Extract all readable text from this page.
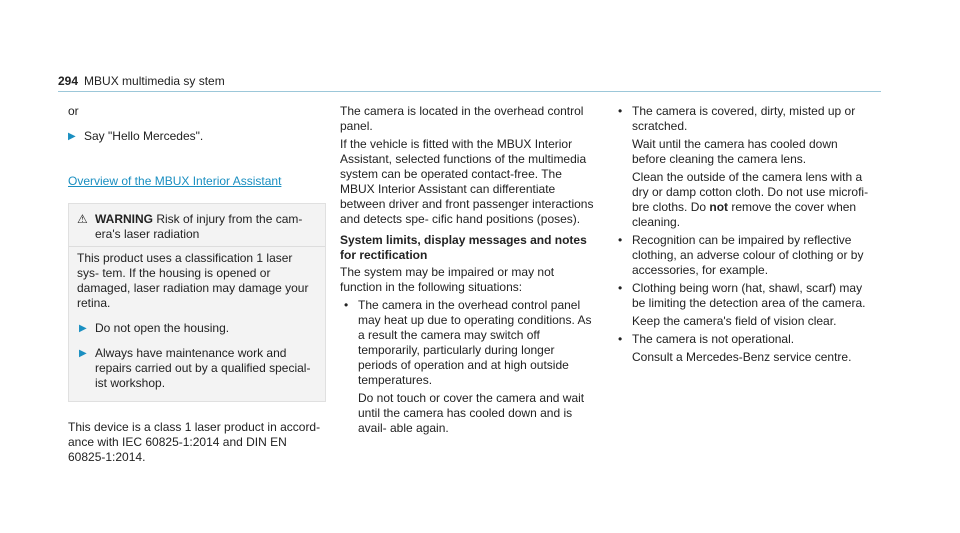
294 MBUX multimedia sy stem

or

▶ Say "Hello Mercedes".
Overview of the MBUX Interior Assistant
⚠ WARNING Risk of injury from the cam- era's laser radiation

This product uses a classification 1 laser sys- tem. If the housing is opened or damaged, laser radiation may damage your retina.

▶ Do not open the housing.
▶ Always have maintenance work and repairs carried out by a qualified special- ist workshop.

This device is a class 1 laser product in accord- ance with IEC 60825-1:2014 and DIN EN 60825-1:2014.

The camera is located in the overhead control panel.

If the vehicle is fitted with the MBUX Interior Assistant, selected functions of the multimedia system can be operated contact-free. The MBUX Interior Assistant can differentiate between driver and front passenger interactions and detects spe- cific hand positions (poses).

System limits, display messages and notes for rectification

The system may be impaired or may not function in the following situations:

• The camera in the overhead control panel may heat up due to operating conditions. As a result the camera may switch off temporarily, particularly during longer periods of operation and at high outside temperatures.

Do not touch or cover the camera and wait until the camera has cooled down and is avail- able again.

• The camera is covered, dirty, misted up or scratched.

Wait until the camera has cooled down before cleaning the camera lens.

Clean the outside of the camera lens with a dry or damp cotton cloth. Do not use microfi- bre cloths. Do not remove the cover when cleaning.

• Recognition can be impaired by reflective clothing, an adverse colour of clothing or by accessories, for example.
• Clothing being worn (hat, shawl, scarf) may be limiting the detection area of the camera.

Keep the camera's field of vision clear.

• The camera is not operational.

Consult a Mercedes-Benz service centre.
